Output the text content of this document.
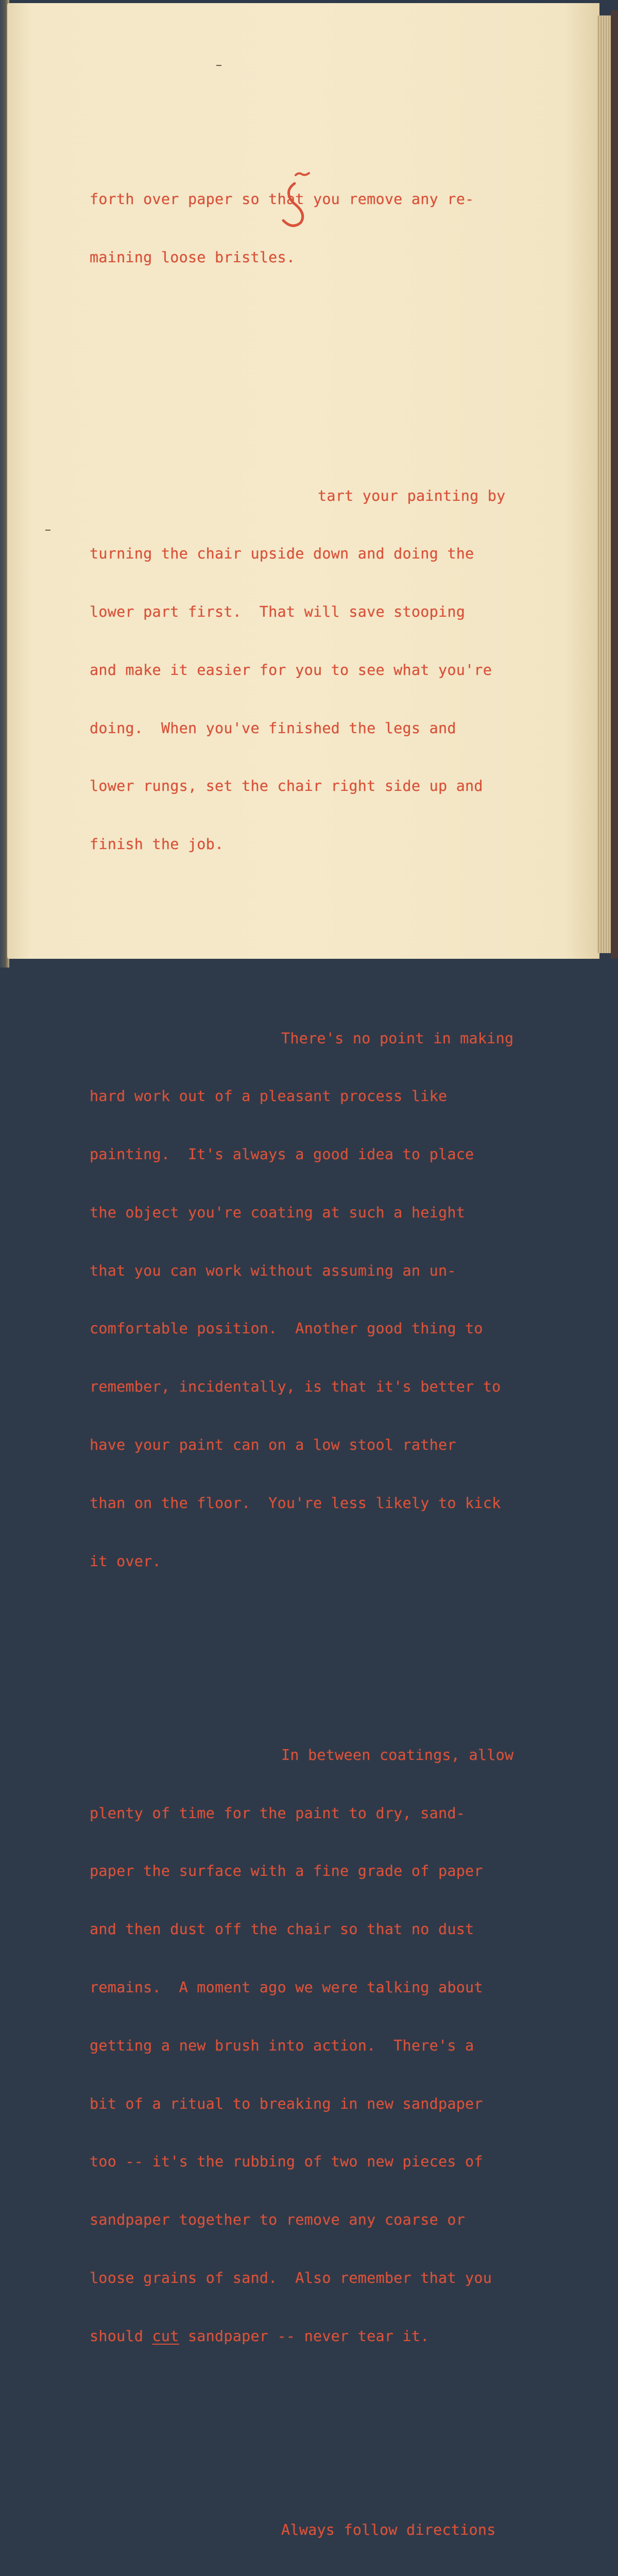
forth over paper so that you remove any re-

maining loose bristles.

tart your painting by

turning the chair upside down and doing the

lower part first.  That will save stooping

and make it easier for you to see what you're

doing.  When you've finished the legs and

lower rungs, set the chair right side up and

finish the job.

There's no point in making

hard work out of a pleasant process like

painting.  It's always a good idea to place

the object you're coating at such a height

that you can work without assuming an un-

comfortable position.  Another good thing to

remember, incidentally, is that it's better to

have your paint can on a low stool rather

than on the floor.  You're less likely to kick

it over.

In between coatings, allow

plenty of time for the paint to dry, sand-

paper the surface with a fine grade of paper

and then dust off the chair so that no dust

remains.  A moment ago we were talking about

getting a new brush into action.  There's a

bit of a ritual to breaking in new sandpaper

too -- it's the rubbing of two new pieces of

sandpaper together to remove any coarse or

loose grains of sand.  Also remember that you

should cut sandpaper -- never tear it.

Always follow directions
